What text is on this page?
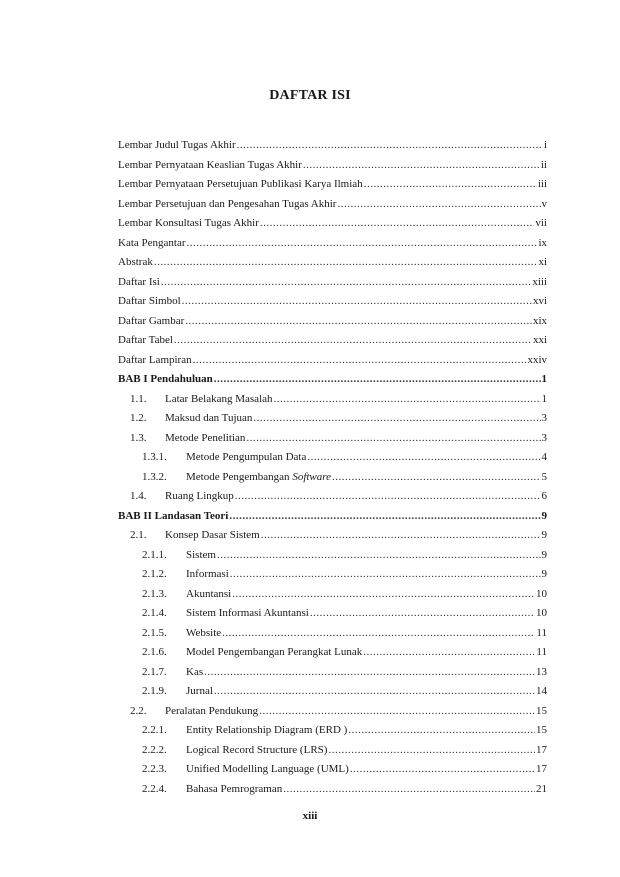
DAFTAR ISI
Lembar Judul Tugas Akhir .....	i
Lembar Pernyataan Keaslian Tugas Akhir .....	ii
Lembar Pernyataan Persetujuan Publikasi Karya Ilmiah .....	iii
Lembar Persetujuan dan Pengesahan Tugas Akhir .....	v
Lembar Konsultasi Tugas Akhir .....	vii
Kata Pengantar .....	ix
Abstrak .....	xi
Daftar Isi .....	xiii
Daftar Simbol .....	xvi
Daftar Gambar .....	xix
Daftar Tabel .....	xxi
Daftar Lampiran .....	xxiv
BAB I Pendahuluan .....	1
1.1.	Latar Belakang Masalah .....	1
1.2.	Maksud dan Tujuan .....	3
1.3.	Metode Penelitian .....	3
1.3.1.	Metode Pengumpulan Data .....	4
1.3.2.	Metode Pengembangan Software .....	5
1.4.	Ruang Lingkup .....	6
BAB II Landasan Teori .....	9
2.1.	Konsep Dasar Sistem .....	9
2.1.1.	Sistem .....	9
2.1.2.	Informasi .....	9
2.1.3.	Akuntansi .....	10
2.1.4.	Sistem Informasi Akuntansi .....	10
2.1.5.	Website .....	11
2.1.6.	Model Pengembangan Perangkat Lunak .....	11
2.1.7.	Kas .....	13
2.1.9.	Jurnal .....	14
2.2.	Peralatan Pendukung .....	15
2.2.1.	Entity Relationship Diagram (ERD ) .....	15
2.2.2.	Logical Record Structure (LRS) .....	17
2.2.3.	Unified Modelling Language (UML) .....	17
2.2.4.	Bahasa Pemrograman .....	21
xiii
